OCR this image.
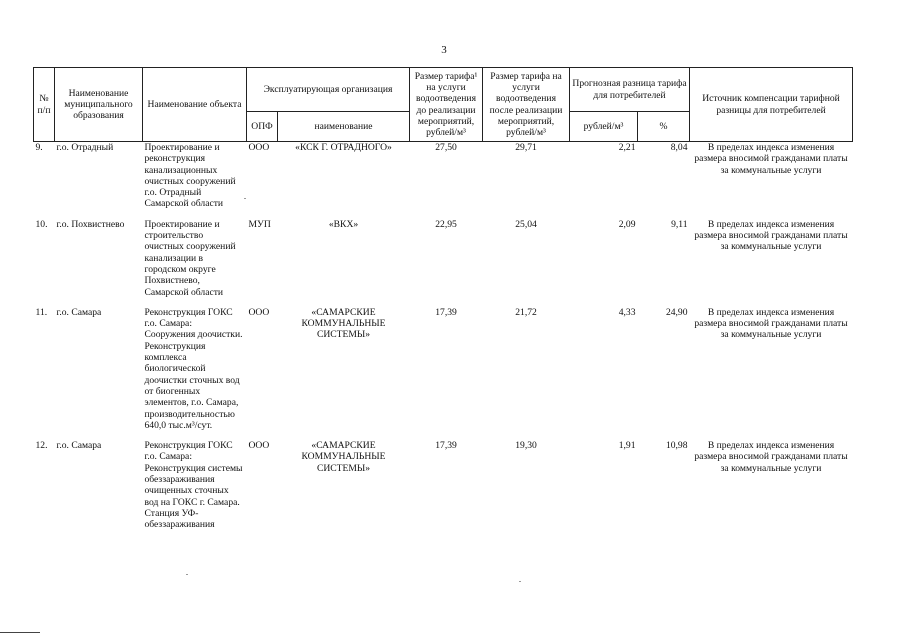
3
№ п/п	Наименование муниципального образования	Наименование объекта	Эксплуатирующая организация		Размер тарифа¹ на услуги водоотведения до реализации мероприятий, рублей/м³	Размер тарифа на услуги водоотведения после реализации мероприятий, рублей/м³	Прогнозная разница тарифа для потребителей		Источник компенсации тарифной разницы для потребителей
			ОПФ	наименование			рублей/м³	%	
9.	г.о. Отрадный	Проектирование и реконструкция канализационных очистных сооружений г.о. Отрадный Самарской области	ООО	«КСК Г. ОТРАДНОГО»	27,50	29,71	2,21	8,04	В пределах индекса изменения размера вносимой гражданами платы за коммунальные услуги
10.	г.о. Похвистнево	Проектирование и строительство очистных сооружений канализации в городском округе Похвистнево, Самарской области	МУП	«ВКХ»	22,95	25,04	2,09	9,11	В пределах индекса изменения размера вносимой гражданами платы за коммунальные услуги
11.	г.о. Самара	Реконструкция ГОКС г.о. Самара: Сооружения доочистки. Реконструкция комплекса биологической доочистки сточных вод от биогенных элементов, г.о. Самара, производительностью 640,0 тыс.м³/сут.	ООО	«САМАРСКИЕ КОММУНАЛЬНЫЕ СИСТЕМЫ»	17,39	21,72	4,33	24,90	В пределах индекса изменения размера вносимой гражданами платы за коммунальные услуги
12.	г.о. Самара	Реконструкция ГОКС г.о. Самара: Реконструкция системы обеззараживания очищенных сточных вод на ГОКС г. Самара. Станция УФ-обеззараживания	ООО	«САМАРСКИЕ КОММУНАЛЬНЫЕ СИСТЕМЫ»	17,39	19,30	1,91	10,98	В пределах индекса изменения размера вносимой гражданами платы за коммунальные услуги
